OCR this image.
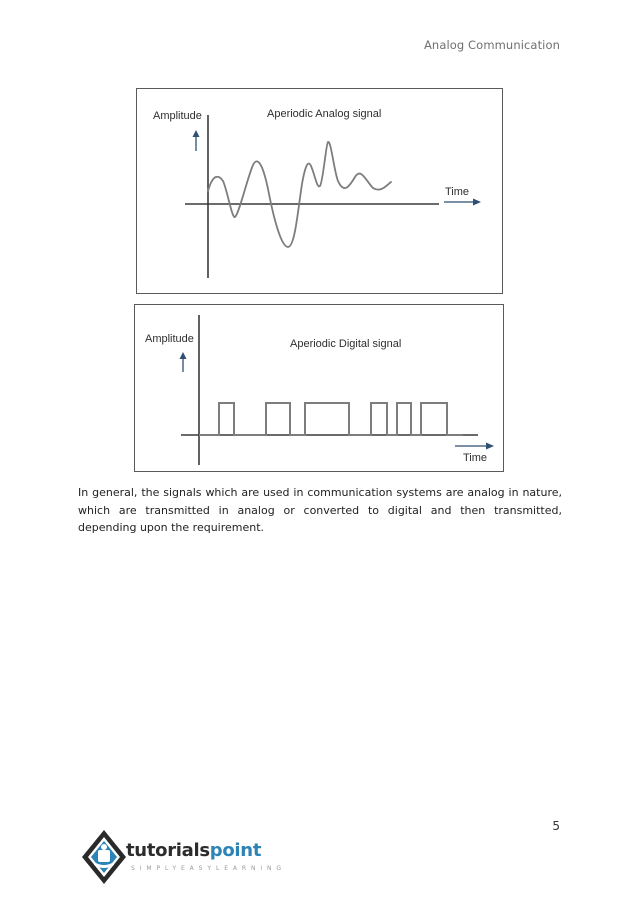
Analog Communication
Amplitude	Aperiodic Analog signal
Time
Amplitude	Aperiodic Digital signal
Time

In general, the signals which are used in communication systems are analog in nature, which are transmitted in analog or converted to digital and then transmitted, depending upon the requirement.

5
tutorialspoint
SIMPLYEASYLEARNING
